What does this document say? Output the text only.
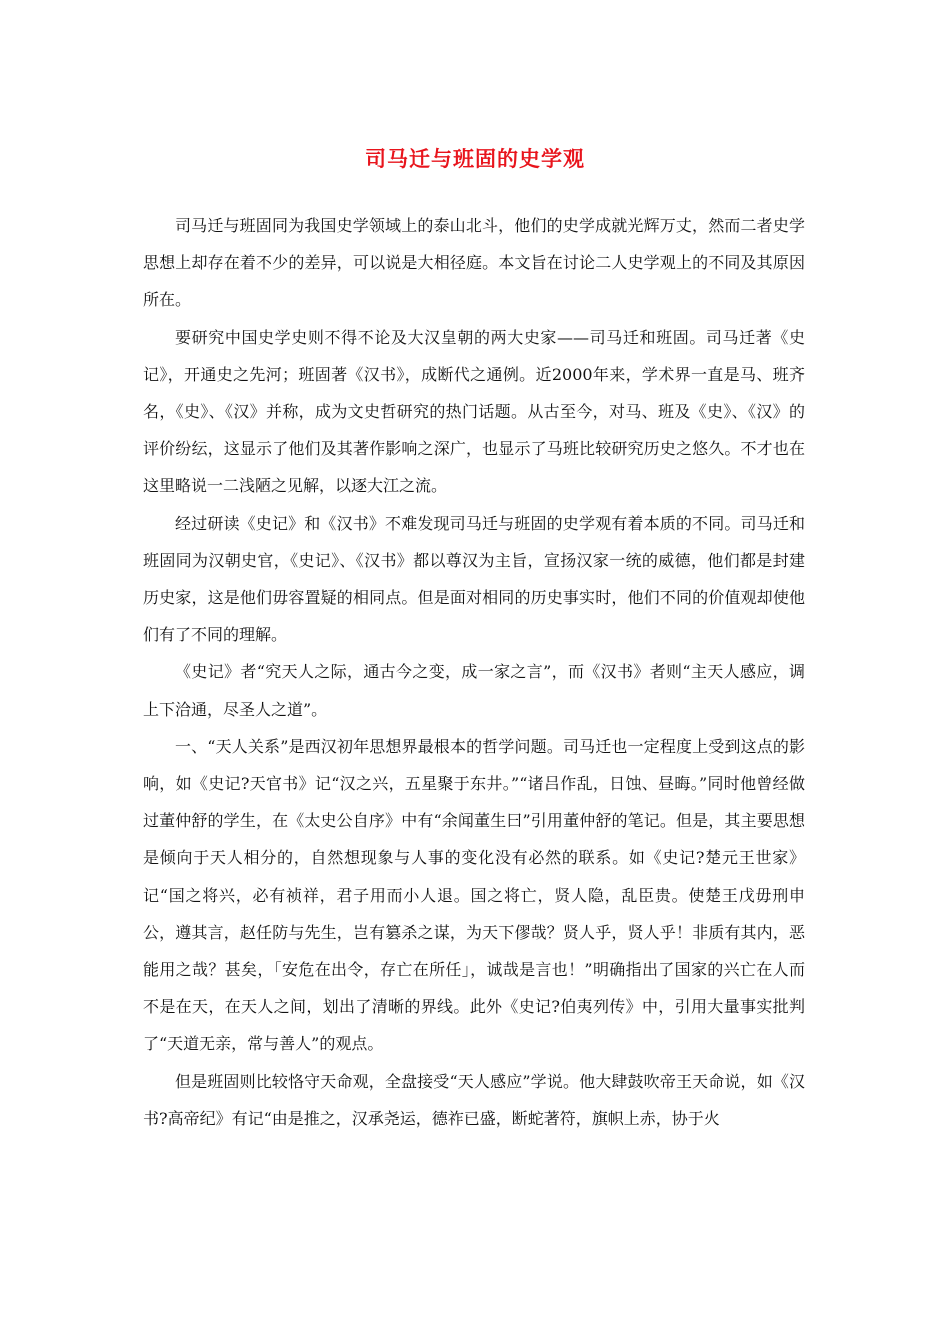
司马迁与班固的史学观

司马迁与班固同为我国史学领域上的泰山北斗，他们的史学成就光辉万丈，然而二者史学思想上却存在着不少的差异，可以说是大相径庭。本文旨在讨论二人史学观上的不同及其原因所在。

要研究中国史学史则不得不论及大汉皇朝的两大史家——司马迁和班固。司马迁著《史记》，开通史之先河；班固著《汉书》，成断代之通例。近2000年来，学术界一直是马、班齐名，《史》、《汉》并称，成为文史哲研究的热门话题。从古至今，对马、班及《史》、《汉》的评价纷纭，这显示了他们及其著作影响之深广，也显示了马班比较研究历史之悠久。不才也在这里略说一二浅陋之见解，以逐大江之流。

经过研读《史记》和《汉书》不难发现司马迁与班固的史学观有着本质的不同。司马迁和班固同为汉朝史官，《史记》、《汉书》都以尊汉为主旨，宣扬汉家一统的威德，他们都是封建历史家，这是他们毋容置疑的相同点。但是面对相同的历史事实时，他们不同的价值观却使他们有了不同的理解。

《史记》者“究天人之际，通古今之变，成一家之言”，而《汉书》者则“主天人感应，调上下洽通，尽圣人之道”。

一、“天人关系”是西汉初年思想界最根本的哲学问题。司马迁也一定程度上受到这点的影响，如《史记?天官书》记“汉之兴，五星聚于东井。”“诸吕作乱，日蚀、昼晦。”同时他曾经做过董仲舒的学生，在《太史公自序》中有“余闻董生曰”引用董仲舒的笔记。但是，其主要思想是倾向于天人相分的，自然想现象与人事的变化没有必然的联系。如《史记?楚元王世家》记“国之将兴，必有祯祥，君子用而小人退。国之将亡，贤人隐，乱臣贵。使楚王戊毋刑申公，遵其言，赵任防与先生，岂有篡杀之谋，为天下僇哉？贤人乎，贤人乎！非质有其内，恶能用之哉？甚矣，「安危在出令，存亡在所任」，诚哉是言也！”明确指出了国家的兴亡在人而不是在天，在天人之间，划出了清晰的界线。此外《史记?伯夷列传》中，引用大量事实批判了“天道无亲，常与善人”的观点。

但是班固则比较恪守天命观，全盘接受“天人感应”学说。他大肆鼓吹帝王天命说，如《汉书?高帝纪》有记“由是推之，汉承尧运，德祚已盛，断蛇著符，旗帜上赤，协于火
